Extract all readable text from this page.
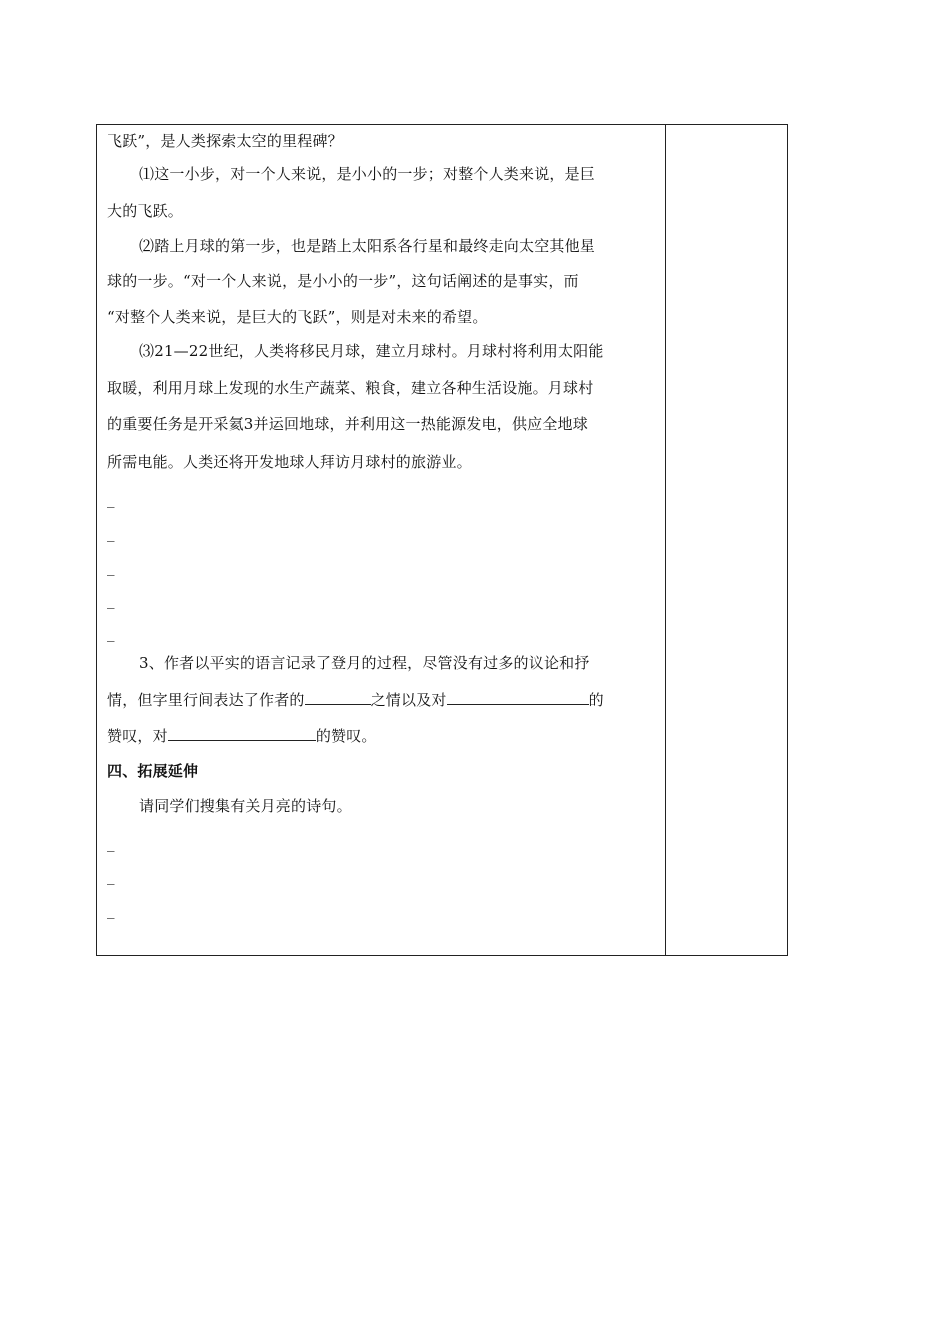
飞跃”，是人类探索太空的里程碑？
⑴这一小步，对一个人来说，是小小的一步；对整个人类来说，是巨
大的飞跃。
⑵踏上月球的第一步，也是踏上太阳系各行星和最终走向太空其他星
球的一步。“对一个人来说，是小小的一步”，这句话阐述的是事实，而
“对整个人类来说，是巨大的飞跃”，则是对未来的希望。
⑶21—22世纪，人类将移民月球，建立月球村。月球村将利用太阳能
取暖，利用月球上发现的水生产蔬菜、粮食，建立各种生活设施。月球村
的重要任务是开采氦3并运回地球，并利用这一热能源发电，供应全地球
所需电能。人类还将开发地球人拜访月球村的旅游业。
_
_
_
_
_
3、作者以平实的语言记录了登月的过程，尽管没有过多的议论和抒
情，但字里行间表达了作者的	之情以及对	的
赞叹，对	的赞叹。
四、拓展延伸
请同学们搜集有关月亮的诗句。
_
_
_
